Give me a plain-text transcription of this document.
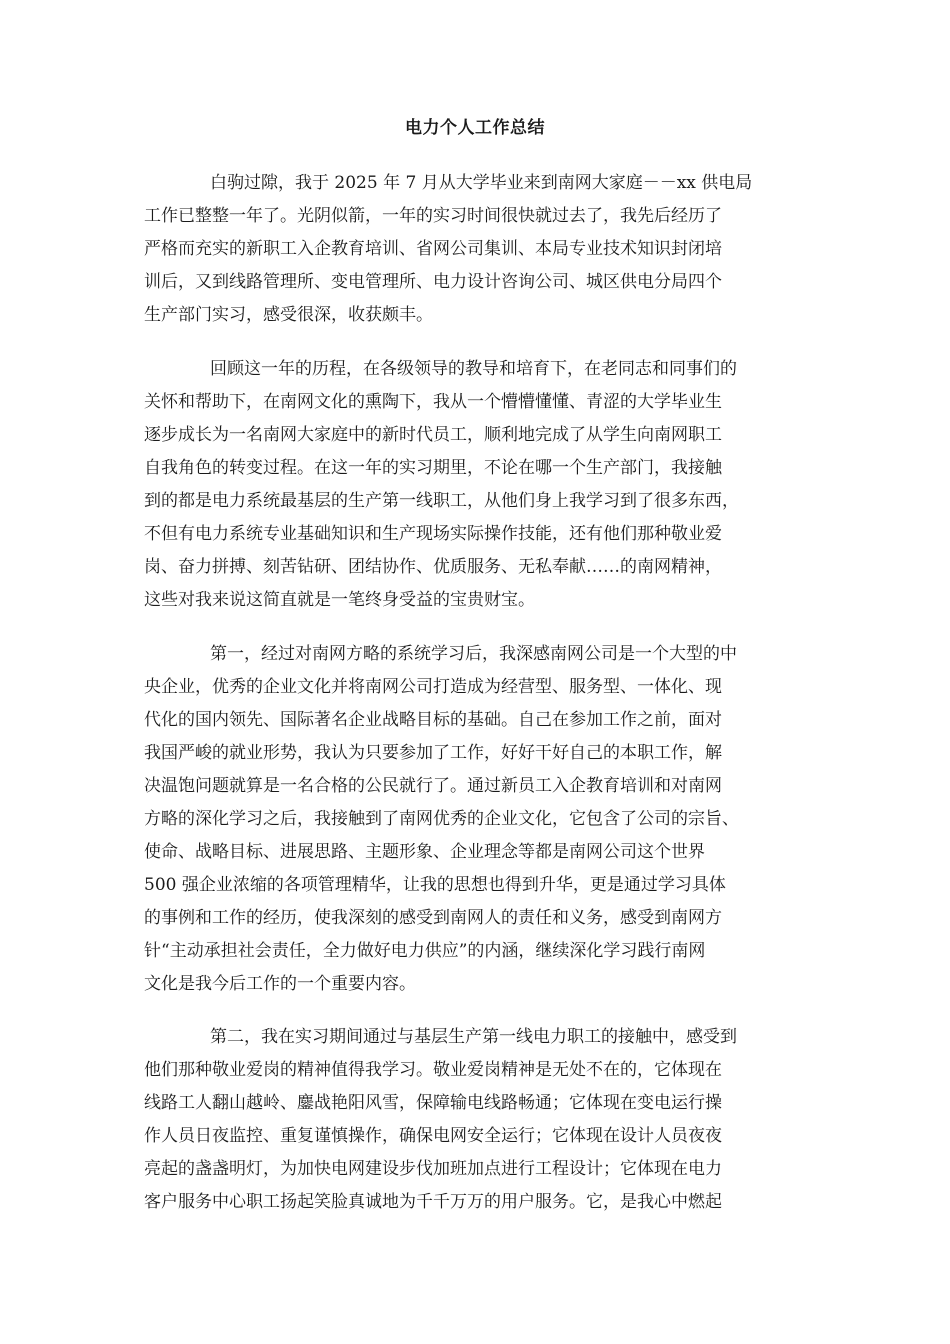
电力个人工作总结
白驹过隙，我于 2025 年 7 月从大学毕业来到南网大家庭－－xx 供电局
工作已整整一年了。光阴似箭，一年的实习时间很快就过去了，我先后经历了
严格而充实的新职工入企教育培训、省网公司集训、本局专业技术知识封闭培
训后，又到线路管理所、变电管理所、电力设计咨询公司、城区供电分局四个
生产部门实习，感受很深，收获颇丰。
回顾这一年的历程，在各级领导的教导和培育下，在老同志和同事们的
关怀和帮助下，在南网文化的熏陶下，我从一个懵懵懂懂、青涩的大学毕业生
逐步成长为一名南网大家庭中的新时代员工，顺利地完成了从学生向南网职工
自我角色的转变过程。在这一年的实习期里，不论在哪一个生产部门，我接触
到的都是电力系统最基层的生产第一线职工，从他们身上我学习到了很多东西，
不但有电力系统专业基础知识和生产现场实际操作技能，还有他们那种敬业爱
岗、奋力拼搏、刻苦钻研、团结协作、优质服务、无私奉献……的南网精神，
这些对我来说这简直就是一笔终身受益的宝贵财宝。
第一，经过对南网方略的系统学习后，我深感南网公司是一个大型的中
央企业，优秀的企业文化并将南网公司打造成为经营型、服务型、一体化、现
代化的国内领先、国际著名企业战略目标的基础。自己在参加工作之前，面对
我国严峻的就业形势，我认为只要参加了工作，好好干好自己的本职工作，解
决温饱问题就算是一名合格的公民就行了。通过新员工入企教育培训和对南网
方略的深化学习之后，我接触到了南网优秀的企业文化，它包含了公司的宗旨、
使命、战略目标、进展思路、主题形象、企业理念等都是南网公司这个世界
500 强企业浓缩的各项管理精华，让我的思想也得到升华，更是通过学习具体
的事例和工作的经历，使我深刻的感受到南网人的责任和义务，感受到南网方
针“主动承担社会责任，全力做好电力供应”的内涵，继续深化学习践行南网
文化是我今后工作的一个重要内容。
第二，我在实习期间通过与基层生产第一线电力职工的接触中，感受到
他们那种敬业爱岗的精神值得我学习。敬业爱岗精神是无处不在的，它体现在
线路工人翻山越岭、鏖战艳阳风雪，保障输电线路畅通；它体现在变电运行操
作人员日夜监控、重复谨慎操作，确保电网安全运行；它体现在设计人员夜夜
亮起的盏盏明灯，为加快电网建设步伐加班加点进行工程设计；它体现在电力
客户服务中心职工扬起笑脸真诚地为千千万万的用户服务。它，是我心中燃起
